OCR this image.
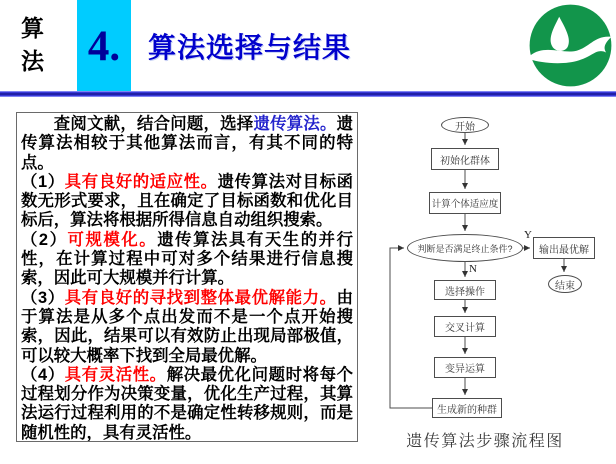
算法 4. 算法选择与结果

查阅文献，结合问题，选择遗传算法。遗传算法相较于其他算法而言，有其不同的特点。

（1）具有良好的适应性。遗传算法对目标函数无形式要求，且在确定了目标函数和优化目标后，算法将根据所得信息自动组织搜索。

（2）可规模化。遗传算法具有天生的并行性，在计算过程中可对多个结果进行信息搜索，因此可大规模并行计算。

（3）具有良好的寻找到整体最优解能力。由于算法是从多个点出发而不是一个点开始搜索，因此，结果可以有效防止出现局部极值，可以较大概率下找到全局最优解。

（4）具有灵活性。解决最优化问题时将每个过程划分作为决策变量，优化生产过程，其算法运行过程利用的不是确定性转移规则，而是随机性的，具有灵活性。

开始
初始化群体
计算个体适应度
判断是否满足终止条件?	输出最优解
结束
选择操作
交叉计算
变异运算
生成新的种群
Y
N
遗传算法步骤流程图
